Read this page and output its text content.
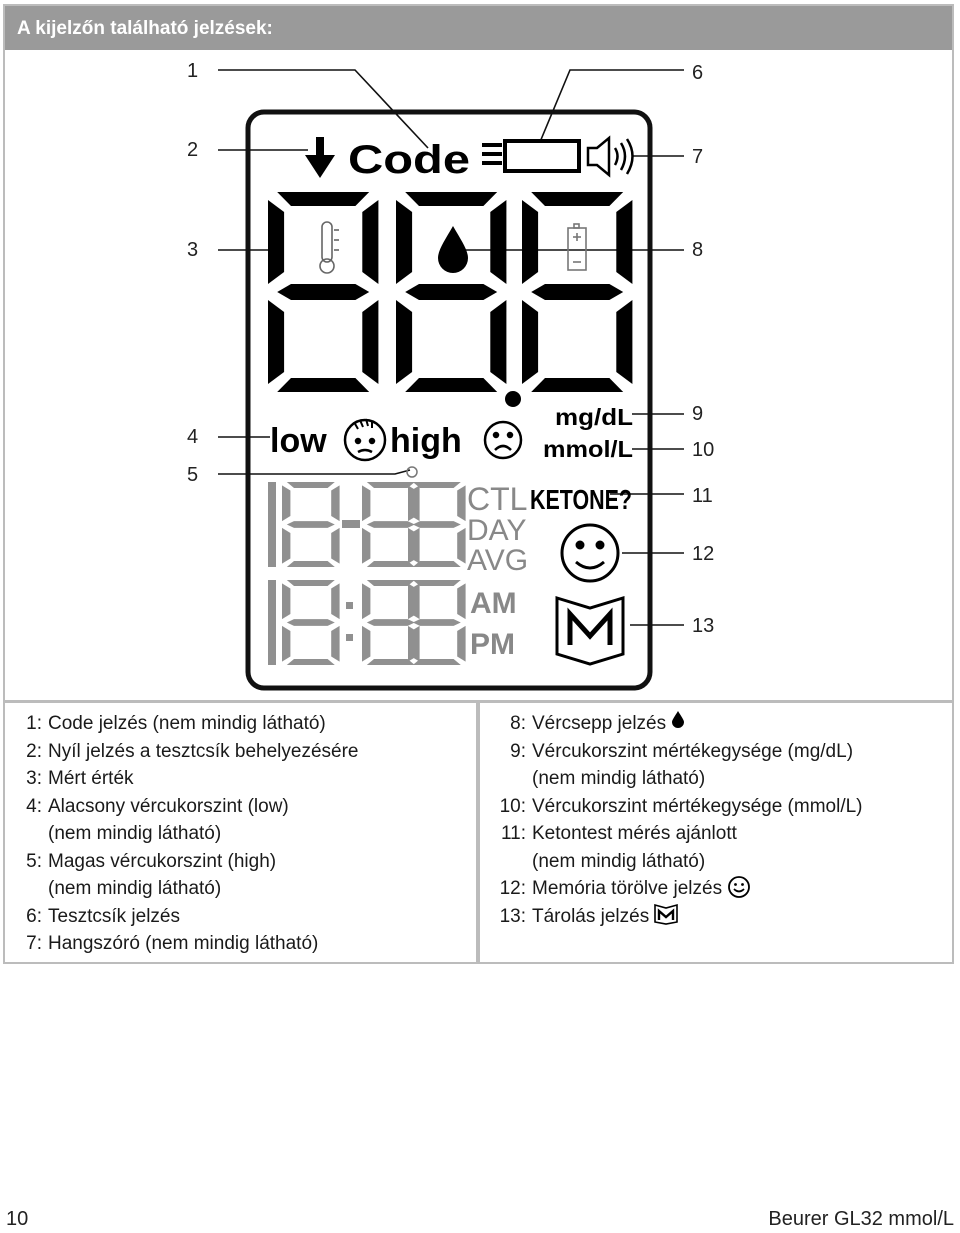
A kijelzőn található jelzések:
Code
low high
mg/dL
mmol/L
CTL KETONE?
DAY
AVG
AM
PM
1
2
3
4
5
6
7
8
9
10
11
12
13
1: Code jelzés (nem mindig látható)
2: Nyíl jelzés a tesztcsík behelyezésére
3: Mért érték
4: Alacsony vércukorszint (low)
(nem mindig látható)
5: Magas vércukorszint (high)
(nem mindig látható)
6: Tesztcsík jelzés
7: Hangszóró (nem mindig látható)
8: Vércsepp jelzés
9: Vércukorszint mértékegysége (mg/dL)
(nem mindig látható)
10: Vércukorszint mértékegysége (mmol/L)
11: Ketontest mérés ajánlott
(nem mindig látható)
12: Memória törölve jelzés
13: Tárolás jelzés
10	Beurer GL32 mmol/L
